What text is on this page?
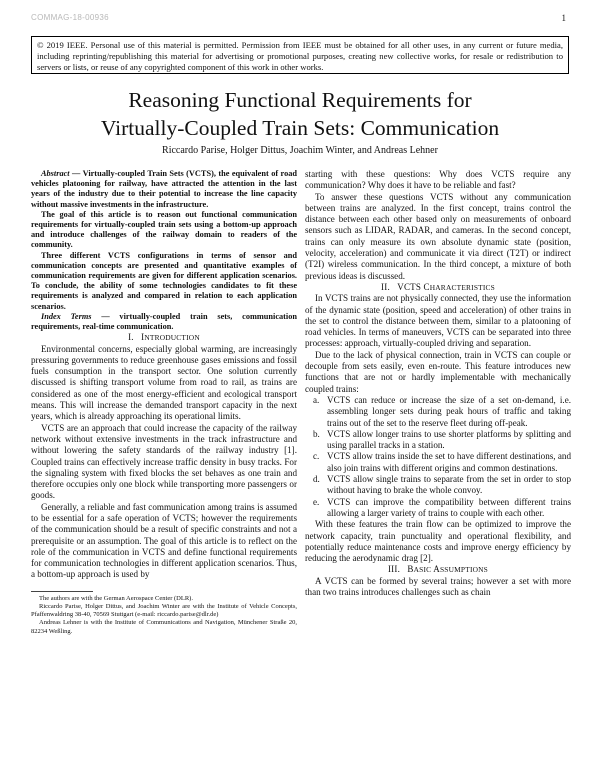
COMMAG-18-00936	1
© 2019 IEEE. Personal use of this material is permitted. Permission from IEEE must be obtained for all other uses, in any current or future media, including reprinting/republishing this material for advertising or promotional purposes, creating new collective works, for resale or redistribution to servers or lists, or reuse of any copyrighted component of this work in other works.
Reasoning Functional Requirements for
Virtually-Coupled Train Sets: Communication
Riccardo Parise, Holger Dittus, Joachim Winter, and Andreas Lehner

Abstract — Virtually-coupled Train Sets (VCTS), the equivalent of road vehicles platooning for railway, have attracted the attention in the last years of the industry due to their potential to increase the line capacity without massive investments in the infrastructure.

The goal of this article is to reason out functional communication requirements for virtually-coupled train sets using a bottom-up approach and introduce challenges of the railway domain to readers of the community.

Three different VCTS configurations in terms of sensor and communication concepts are presented and quantitative examples of communication requirements are given for different application scenarios. To conclude, the ability of some technologies candidates to fit these requirements is analyzed and compared in relation to each application scenarios.

Index Terms — virtually-coupled train sets, communication requirements, real-time communication.

I. INTRODUCTION

Environmental concerns, especially global warming, are increasingly pressuring governments to reduce greenhouse gases emissions and fossil fuels consumption in the transport sector. One solution currently discussed is shifting transport volume from road to rail, as trains are considered as one of the most energy-efficient and ecological transport means. This will increase the demanded transport capacity in the next years, which is already approaching its operational limits.

VCTS are an approach that could increase the capacity of the railway network without extensive investments in the track infrastructure and without lowering the safety standards of the railway industry [1]. Coupled trains can effectively increase traffic density in busy tracks. For the signaling system with fixed blocks the set behaves as one train and therefore occupies only one block while transporting more passengers or goods.

Generally, a reliable and fast communication among trains is assumed to be essential for a safe operation of VCTS; however the requirements of the communication should be a result of specific constraints and not a prerequisite or an assumption. The goal of this article is to reflect on the role of the communication in VCTS and define functional requirements for communication technologies in different application scenarios. Thus, a bottom-up approach is used by

The authors are with the German Aerospace Center (DLR).

Riccardo Parise, Holger Dittus, and Joachim Winter are with the Institute of Vehicle Concepts, Pfaffenwaldring 38-40, 70569 Stuttgart (e-mail: riccardo.parise@dlr.de)

Andreas Lehner is with the Institute of Communications and Navigation, Münchener Straße 20, 82234 Weßling.

starting with these questions: Why does VCTS require any communication? Why does it have to be reliable and fast?

To answer these questions VCTS without any communication between trains are analyzed. In the first concept, trains control the distance between each other based only on measurements of onboard sensors such as LIDAR, RADAR, and cameras. In the second concept, trains can only measure its own absolute dynamic state (position, velocity, acceleration) and communicate it via direct (T2T) or indirect (T2I) wireless communication. In the third concept, a mixture of both previous ideas is discussed.

II. VCTS CHARACTERISTICS

In VCTS trains are not physically connected, they use the information of the dynamic state (position, speed and acceleration) of other trains in the set to control the distance between them, similar to a platooning of road vehicles. In terms of maneuvers, VCTS can be separated into three processes: approach, virtually-coupled driving and separation.

Due to the lack of physical connection, train in VCTS can couple or decouple from sets easily, even en-route. This feature introduces new functions that are not or hardly implementable with mechanically coupled trains:

a. VCTS can reduce or increase the size of a set on-demand, i.e. assembling longer sets during peak hours of traffic and taking trains out of the set to the reserve fleet during off-peak.
b. VCTS allow longer trains to use shorter platforms by splitting and using parallel tracks in a station.
c. VCTS allow trains inside the set to have different destinations, and also join trains with different origins and common destinations.
d. VCTS allow single trains to separate from the set in order to stop without having to brake the whole convoy.
e. VCTS can improve the compatibility between different trains allowing a larger variety of trains to couple with each other.

With these features the train flow can be optimized to improve the network capacity, train punctuality and operational flexibility, and potentially reduce maintenance costs and improve energy efficiency by reducing the aerodynamic drag [2].

III. BASIC ASSUMPTIONS

A VCTS can be formed by several trains; however a set with more than two trains introduces challenges such as chain
